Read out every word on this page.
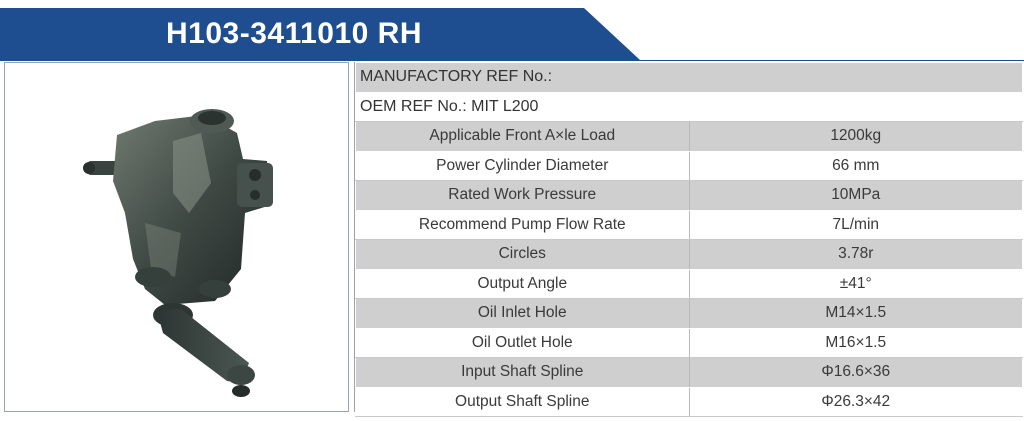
H103-3411010 RH
MANUFACTORY REF No.:	
OEM REF No.: MIT L200	
Applicable Front A×le Load	1200kg
Power Cylinder Diameter	66 mm
Rated Work Pressure	10MPa
Recommend Pump Flow Rate	7L/min
Circles	3.78r
Output Angle	±41°
Oil Inlet Hole	M14×1.5
Oil Outlet Hole	M16×1.5
Input Shaft Spline	Φ16.6×36
Output Shaft Spline	Φ26.3×42
